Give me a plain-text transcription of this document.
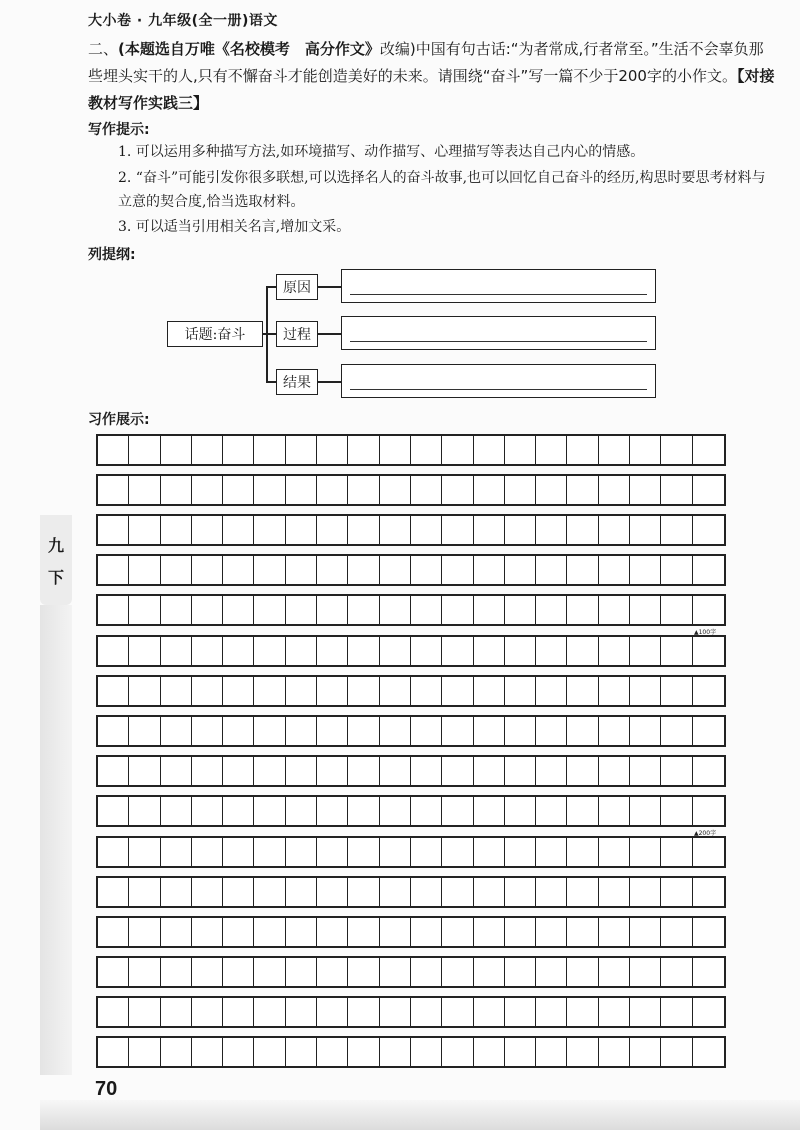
大小卷 · 九年级(全一册)语文
二、(本题选自万唯《名校模考　高分作文》改编)中国有句古话:“为者常成,行者常至。”生活不会辜负那些埋头实干的人,只有不懈奋斗才能创造美好的未来。请围绕“奋斗”写一篇不少于200字的小作文。【对接教材写作实践三】
写作提示:
1. 可以运用多种描写方法,如环境描写、动作描写、心理描写等表达自己内心的情感。
2. “奋斗”可能引发你很多联想,可以选择名人的奋斗故事,也可以回忆自己奋斗的经历,构思时要思考材料与立意的契合度,恰当选取材料。
3. 可以适当引用相关名言,增加文采。
列提纲:
话题:奋斗
原因
过程
结果
习作展示:
▲100字
▲200字
九
下
70
